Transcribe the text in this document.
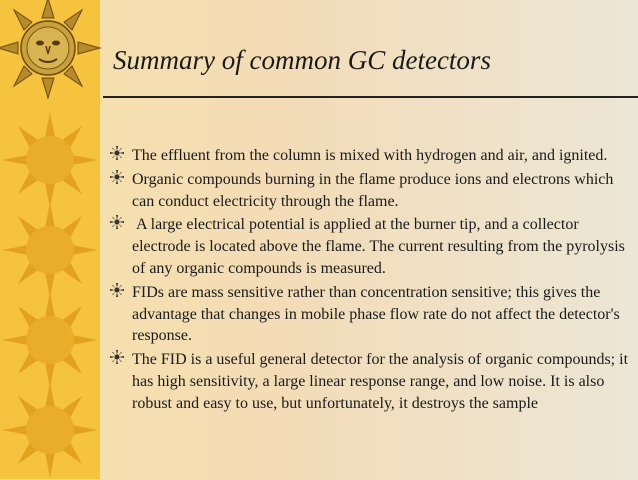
Summary of common GC detectors
The effluent from the column is mixed with hydrogen and air, and ignited.
Organic compounds burning in the flame produce ions and electrons which can conduct electricity through the flame.
A large electrical potential is applied at the burner tip, and a collector electrode is located above the flame. The current resulting from the pyrolysis of any organic compounds is measured.
FIDs are mass sensitive rather than concentration sensitive; this gives the advantage that changes in mobile phase flow rate do not affect the detector's response.
The FID is a useful general detector for the analysis of organic compounds; it has high sensitivity, a large linear response range, and low noise. It is also robust and easy to use, but unfortunately, it destroys the sample
